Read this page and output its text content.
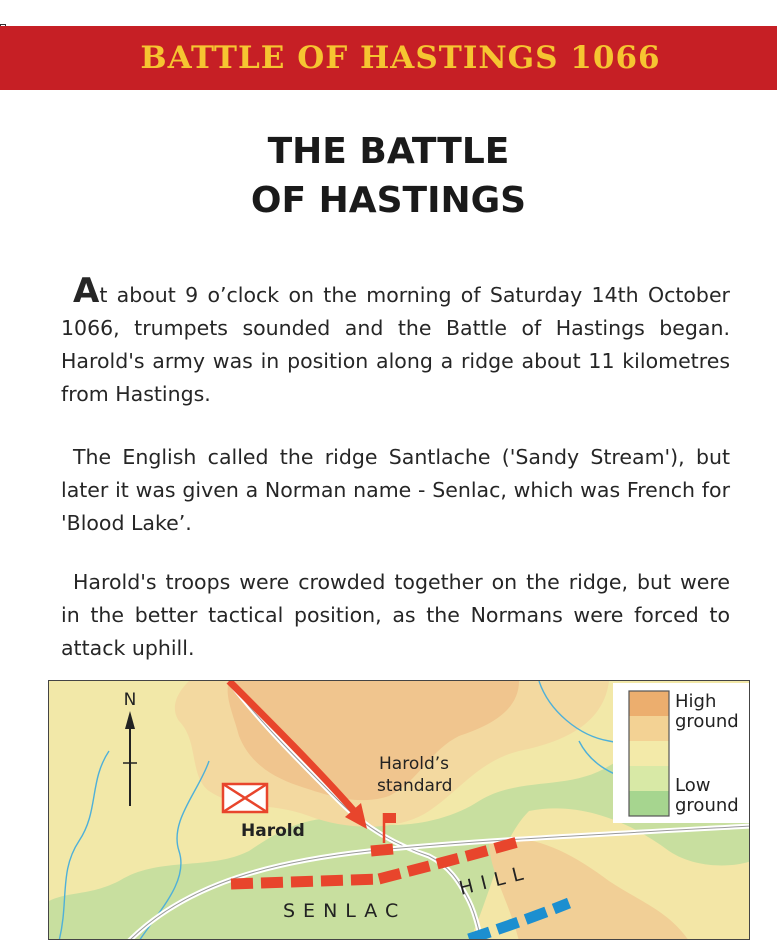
BATTLE OF HASTINGS 1066
THE BATTLE
OF HASTINGS

At about 9 o’clock on the morning of Saturday 14th October 1066, trumpets sounded and the Battle of Hastings began. Harold's army was in position along a ridge about 11 kilometres from Hastings.

The English called the ridge Santlache ('Sandy Stream'), but later it was given a Norman name - Senlac, which was French for 'Blood Lake’.

Harold's troops were crowded together on the ridge, but were in the better tactical position, as the Normans were forced to attack uphill.

N
Harold
Harold’s
standard
SENLAC
HILL
High
ground
Low
ground
